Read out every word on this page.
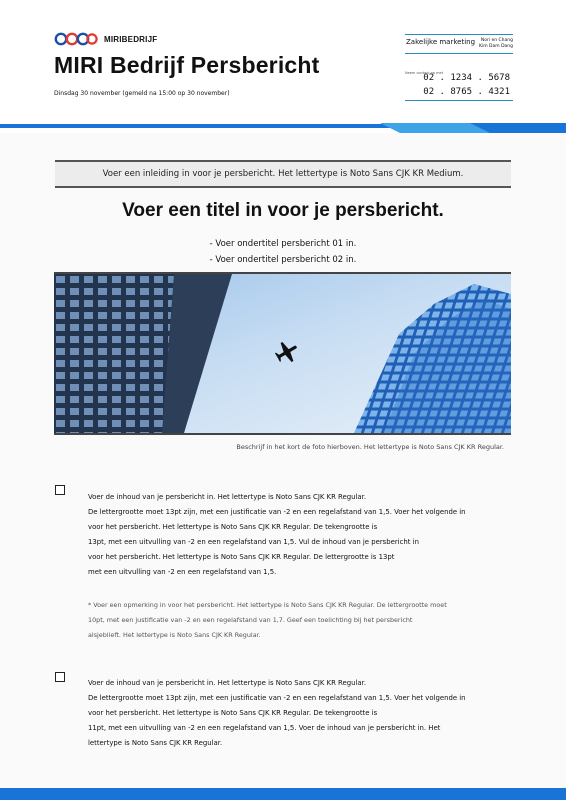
MIRIBEDRIJF
MIRI Bedrijf Persbericht
Dinsdag 30 november (gemeld na 15:00 op 30 november)
Zakelijke marketing	Nori en Chang
Kim Dam Dang
Neem contact op met
02 . 1234 . 5678
02 . 8765 . 4321
Voer een inleiding in voor je persbericht. Het lettertype is Noto Sans CJK KR Medium.
Voer een titel in voor je persbericht.
- Voer ondertitel persbericht 01 in.
- Voer ondertitel persbericht 02 in.
Beschrijf in het kort de foto hierboven. Het lettertype is Noto Sans CJK KR Regular.
Voer de inhoud van je persbericht in. Het lettertype is Noto Sans CJK KR Regular.
De lettergrootte moet 13pt zijn, met een justificatie van -2 en een regelafstand van 1,5. Voer het volgende in
voor het persbericht. Het lettertype is Noto Sans CJK KR Regular. De tekengrootte is
13pt, met een uitvulling van -2 en een regelafstand van 1,5. Vul de inhoud van je persbericht in
voor het persbericht. Het lettertype is Noto Sans CJK KR Regular. De lettergrootte is 13pt
met een uitvulling van -2 en een regelafstand van 1,5.
* Voer een opmerking in voor het persbericht. Het lettertype is Noto Sans CJK KR Regular. De lettergrootte moet
10pt, met een justificatie van -2 en een regelafstand van 1,7. Geef een toelichting bij het persbericht
alsjeblieft. Het lettertype is Noto Sans CJK KR Regular.
Voer de inhoud van je persbericht in. Het lettertype is Noto Sans CJK KR Regular.
De lettergrootte moet 13pt zijn, met een justificatie van -2 en een regelafstand van 1,5. Voer het volgende in
voor het persbericht. Het lettertype is Noto Sans CJK KR Regular. De tekengrootte is
11pt, met een uitvulling van -2 en een regelafstand van 1,5. Voer de inhoud van je persbericht in. Het
lettertype is Noto Sans CJK KR Regular.
